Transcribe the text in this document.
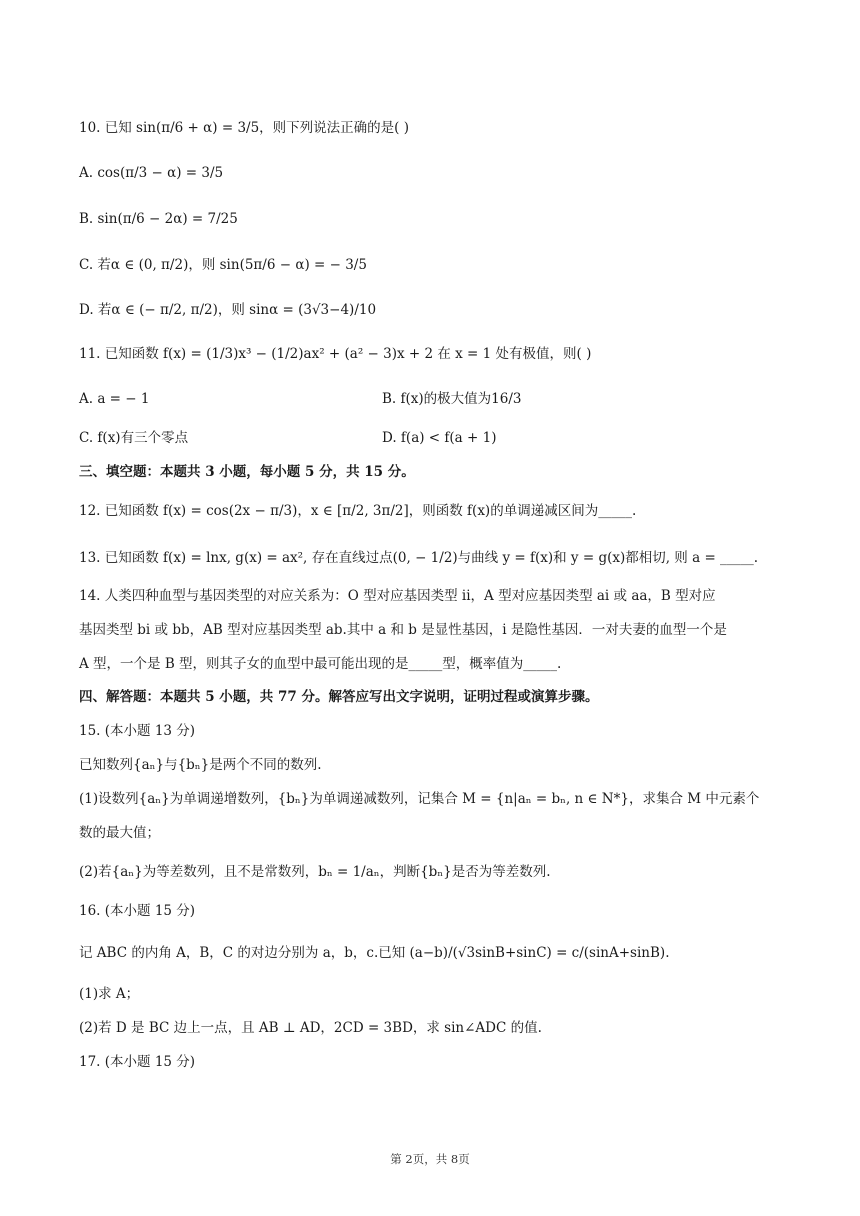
10. 已知 sin(π/6 + α) = 3/5，则下列说法正确的是( )
A. cos(π/3 − α) = 3/5
B. sin(π/6 − 2α) = 7/25
C. 若α ∈ (0, π/2)，则 sin(5π/6 − α) = − 3/5
D. 若α ∈ (− π/2, π/2)，则 sinα = (3√3−4)/10
11. 已知函数 f(x) = (1/3)x³ − (1/2)ax² + (a² − 3)x + 2 在 x = 1 处有极值，则( )
A. a = − 1
C. f(x)有三个零点
三、填空题：本题共 3 小题，每小题 5 分，共 15 分。
12. 已知函数 f(x) = cos(2x − π/3)，x ∈ [π/2, 3π/2]，则函数 f(x)的单调递减区间为_____.
13. 已知函数 f(x) = lnx, g(x) = ax², 存在直线过点(0, − 1/2)与曲线 y = f(x)和 y = g(x)都相切, 则 a = _____.
14. 人类四种血型与基因类型的对应关系为：O 型对应基因类型 ii，A 型对应基因类型 ai 或 aa，B 型对应
基因类型 bi 或 bb，AB 型对应基因类型 ab.其中 a 和 b 是显性基因，i 是隐性基因．一对夫妻的血型一个是
A 型，一个是 B 型，则其子女的血型中最可能出现的是_____型，概率值为_____.
四、解答题：本题共 5 小题，共 77 分。解答应写出文字说明，证明过程或演算步骤。
15. (本小题 13 分)
已知数列{aₙ}与{bₙ}是两个不同的数列.
(1)设数列{aₙ}为单调递增数列，{bₙ}为单调递减数列，记集合 M = {n|aₙ = bₙ, n ∈ N*}，求集合 M 中元素个
数的最大值；
(2)若{aₙ}为等差数列，且不是常数列，bₙ = 1/aₙ，判断{bₙ}是否为等差数列.
16. (本小题 15 分)
记 ABC 的内角 A，B，C 的对边分别为 a，b，c.已知 (a−b)/(√3sinB+sinC) = c/(sinA+sinB).
(1)求 A；
(2)若 D 是 BC 边上一点，且 AB ⊥ AD，2CD = 3BD，求 sin∠ADC 的值.
17. (本小题 15 分)
B. f(x)的极大值为16/3
D. f(a) < f(a + 1)
第 2页，共 8页
